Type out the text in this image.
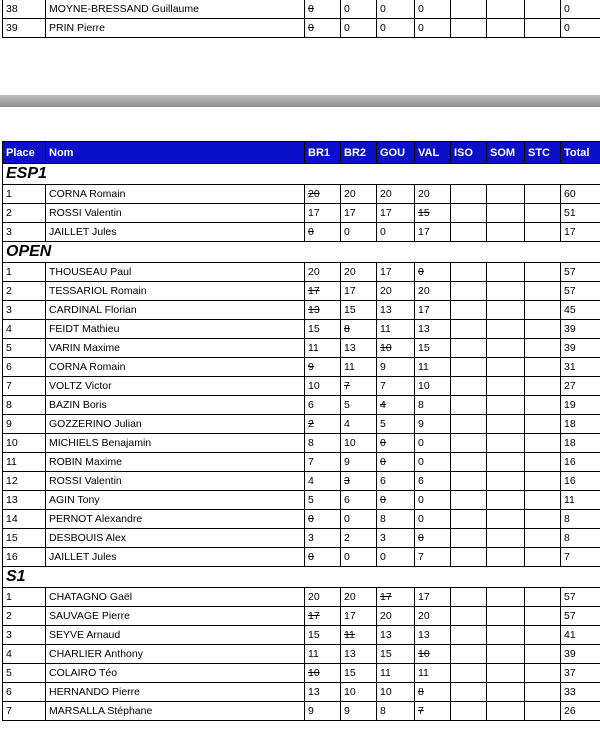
38	MOYNE-BRESSAND Guillaume	0	0	0	0				0
39	PRIN Pierre	0	0	0	0				0
Place	Nom	BR1	BR2	GOU	VAL	ISO	SOM	STC	Total
ESP1									
1	CORNA Romain	20	20	20	20				60
2	ROSSI Valentin	17	17	17	15				51
3	JAILLET Jules	0	0	0	17				17
OPEN									
1	THOUSEAU Paul	20	20	17	0				57
2	TESSARIOL Romain	17	17	20	20				57
3	CARDINAL Florian	13	15	13	17				45
4	FEIDT Mathieu	15	8	11	13				39
5	VARIN Maxime	11	13	10	15				39
6	CORNA Romain	9	11	9	11				31
7	VOLTZ Victor	10	7	7	10				27
8	BAZIN Boris	6	5	4	8				19
9	GOZZERINO Julian	2	4	5	9				18
10	MICHIELS Benajamin	8	10	0	0				18
11	ROBIN Maxime	7	9	0	0				16
12	ROSSI Valentin	4	3	6	6				16
13	AGIN Tony	5	6	0	0				11
14	PERNOT Alexandre	0	0	8	0				8
15	DESBOUIS Alex	3	2	3	0				8
16	JAILLET Jules	0	0	0	7				7
S1									
1	CHATAGNO Gaël	20	20	17	17				57
2	SAUVAGE Pierre	17	17	20	20				57
3	SEYVE Arnaud	15	11	13	13				41
4	CHARLIER Anthony	11	13	15	10				39
5	COLAIRO Téo	10	15	11	11				37
6	HERNANDO Pierre	13	10	10	8				33
7	MARSALLA Stéphane	9	9	8	7				26
